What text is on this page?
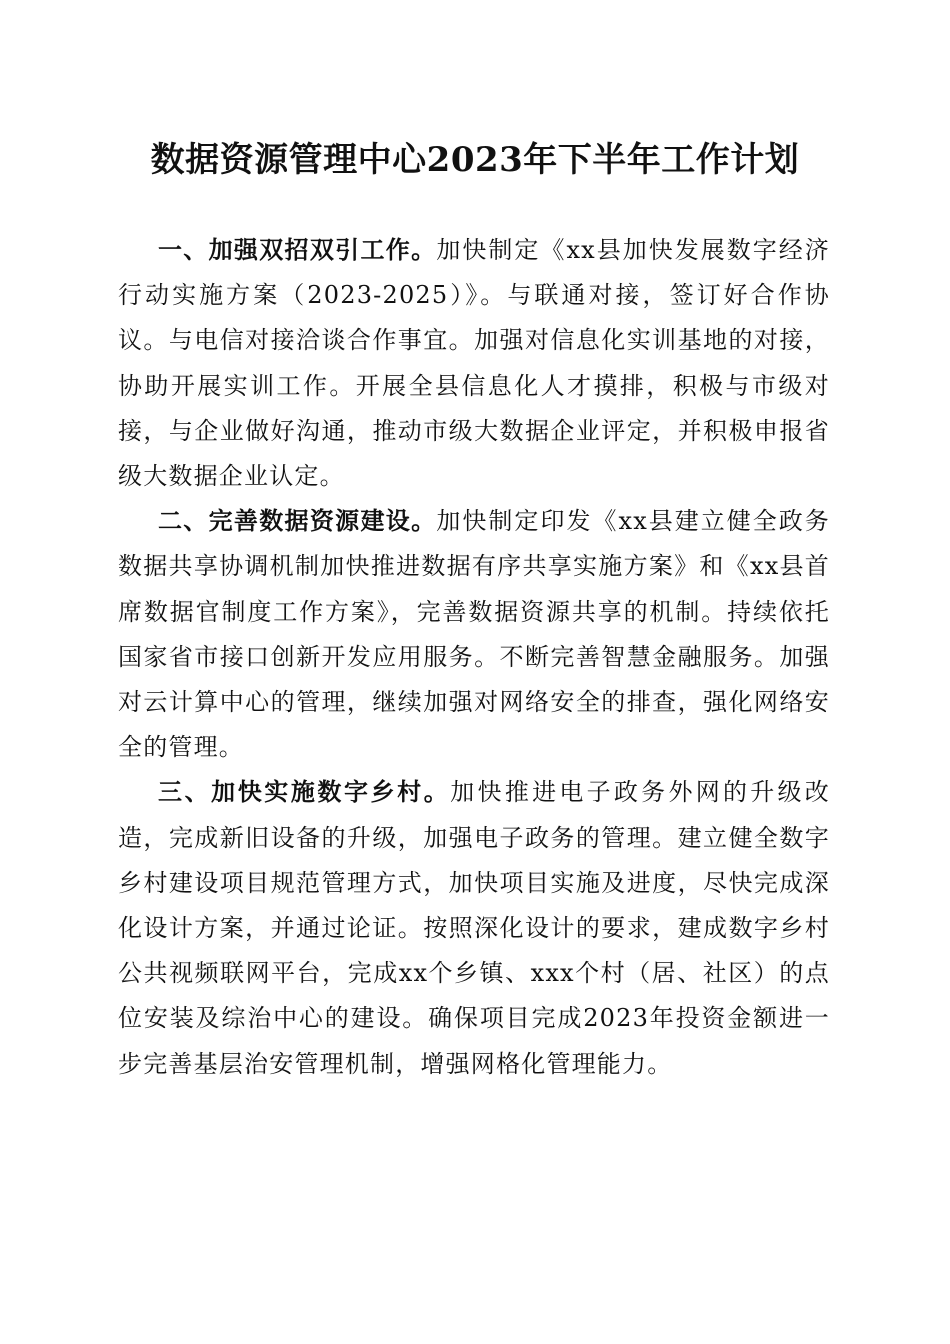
数据资源管理中心2023年下半年工作计划

一、加强双招双引工作。加快制定《xx县加快发展数字经济行动实施方案（2023-2025）》。与联通对接，签订好合作协议。与电信对接洽谈合作事宜。加强对信息化实训基地的对接，协助开展实训工作。开展全县信息化人才摸排，积极与市级对接，与企业做好沟通，推动市级大数据企业评定，并积极申报省级大数据企业认定。

二、完善数据资源建设。加快制定印发《xx县建立健全政务数据共享协调机制加快推进数据有序共享实施方案》和《xx县首席数据官制度工作方案》，完善数据资源共享的机制。持续依托国家省市接口创新开发应用服务。不断完善智慧金融服务。加强对云计算中心的管理，继续加强对网络安全的排查，强化网络安全的管理。

三、加快实施数字乡村。加快推进电子政务外网的升级改造，完成新旧设备的升级，加强电子政务的管理。建立健全数字乡村建设项目规范管理方式，加快项目实施及进度，尽快完成深化设计方案，并通过论证。按照深化设计的要求，建成数字乡村公共视频联网平台，完成xx个乡镇、xxx个村（居、社区）的点位安装及综治中心的建设。确保项目完成2023年投资金额进一步完善基层治安管理机制，增强网格化管理能力。
